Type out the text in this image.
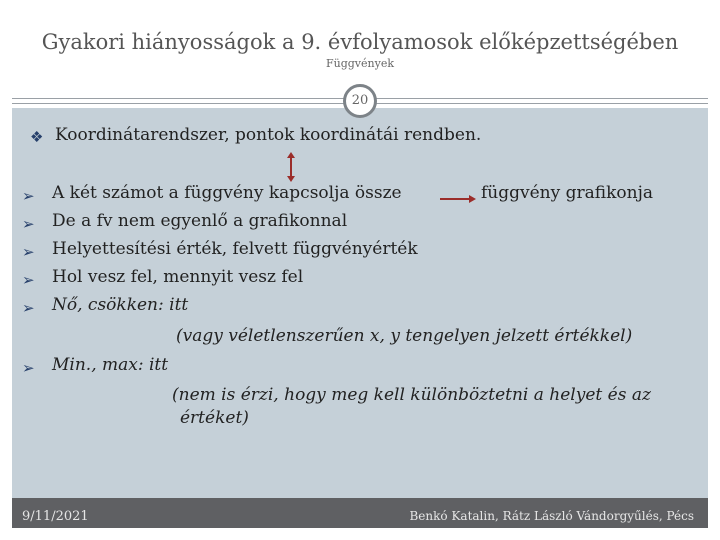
Gyakori hiányosságok a 9. évfolyamosok előképzettségében
Függvények
20
❖ Koordinátarendszer, pontok koordinátái rendben.
➢ A két számot a függvény kapcsolja össze	függvény grafikonja
➢ De a fv nem egyenlő a grafikonnal
➢ Helyettesítési érték, felvett függvényérték
➢ Hol vesz fel, mennyit vesz fel
➢ Nő, csökken: itt
(vagy véletlenszerűen x, y tengelyen jelzett értékkel)
➢ Min., max: itt
(nem is érzi, hogy meg kell különböztetni a helyet és az
értéket)
9/11/2021	Benkó Katalin, Rátz László Vándorgyűlés, Pécs
